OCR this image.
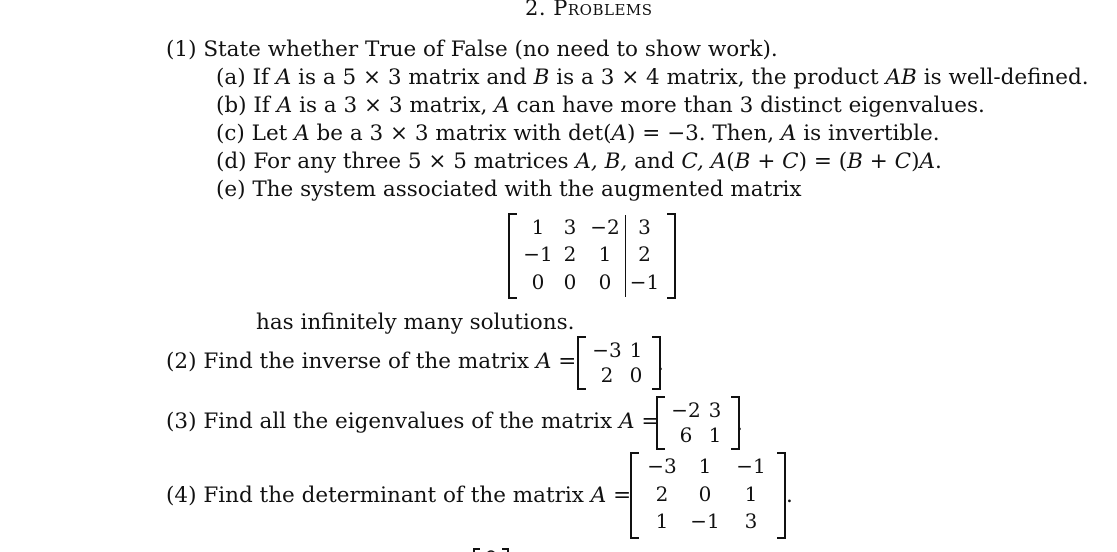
2. Problems
(1) State whether True of False (no need to show work).
(a) If A is a 5 × 3 matrix and B is a 3 × 4 matrix, the product AB is well-defined.
(b) If A is a 3 × 3 matrix, A can have more than 3 distinct eigenvalues.
(c) Let A be a 3 × 3 matrix with det(A) = −3. Then, A is invertible.
(d) For any three 5 × 5 matrices A, B, and C, A(B + C) = (B + C)A.
(e) The system associated with the augmented matrix
1 3 −2 3
−1 2	1	2
0 0	0 −1
has infinitely many solutions.
(2) Find the inverse of the matrix A = −3 1
2 0 .
(3) Find all the eigenvalues of the matrix A = −2 3
6 1 .
(4) Find the determinant of the matrix A =
−3	1	−1
2	0	1
1	−1	3
.
